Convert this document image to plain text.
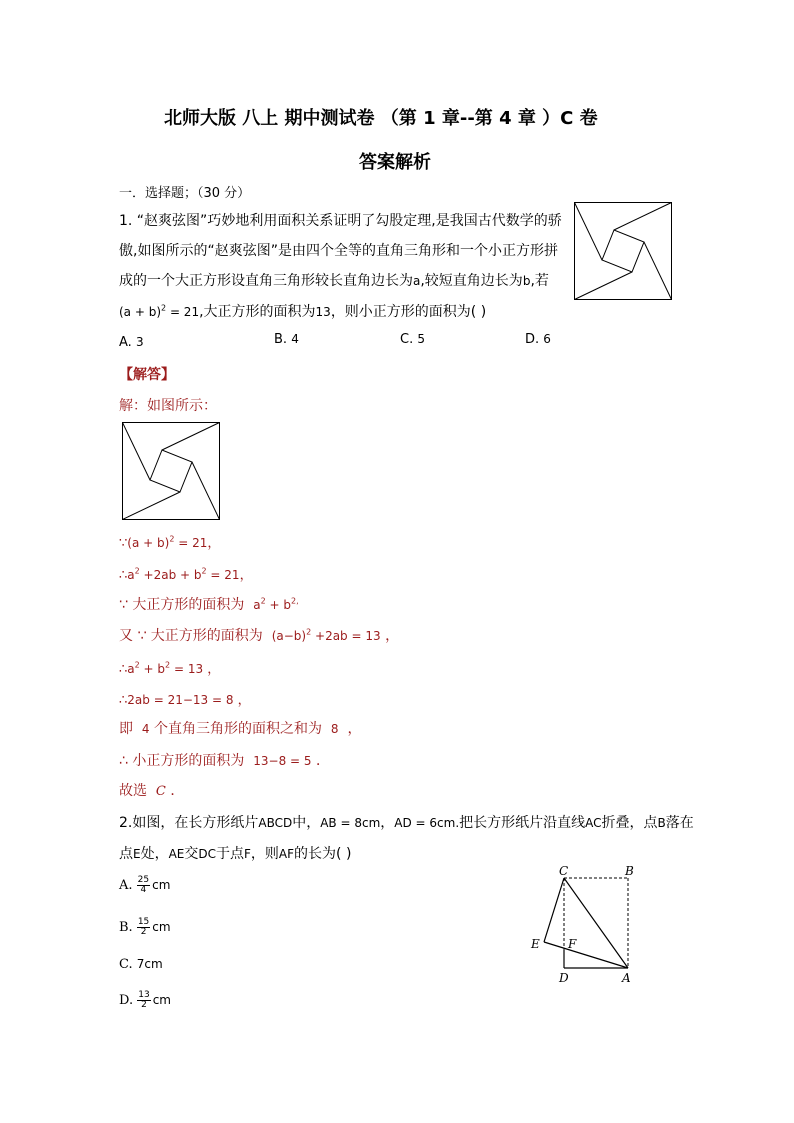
北师大版 八上 期中测试卷 （第 1 章--第 4 章 ）C 卷
答案解析
一．选择题；（30 分）
1. “赵爽弦图”巧妙地利用面积关系证明了勾股定理,是我国古代数学的骄
傲,如图所示的“赵爽弦图”是由四个全等的直角三角形和一个小正方形拼
成的一个大正方形设直角三角形较长直角边长为a,较短直角边长为b,若
$(a + b)^2 = 21$,大正方形的面积为13，则小正方形的面积为( )
A. 3	B. 4	C. 5	D. 6
【解答】
解：如图所示：
∵(a + b)$^2$ = 21，
$\therefore a^2 +2ab + b^2 = 21$，
∵ 大正方形的面积为 $a^2 + b^{2,}$
又 ∵ 大正方形的面积为 $(a-b)^2 +2ab = 13$ ，
$\therefore a^2 + b^2 = 13$ ，
∴2ab = 21−13 = 8 ，
即 4 个直角三角形的面积之和为 8 ，
∴ 小正方形的面积为 13−8 = 5 ．
故选 C ．
2.如图，在长方形纸片ABCD中，AB = 8cm，AD = 6cm.把长方形纸片沿直线AC折叠，点B落在
点E处，AE交DC于点F，则AF的长为( )
A. $\frac{25}{4}$ cm
B. $\frac{15}{2}$ cm
C. 7cm
D. $\frac{13}{2}$ cm
C	B
E F
D	A
